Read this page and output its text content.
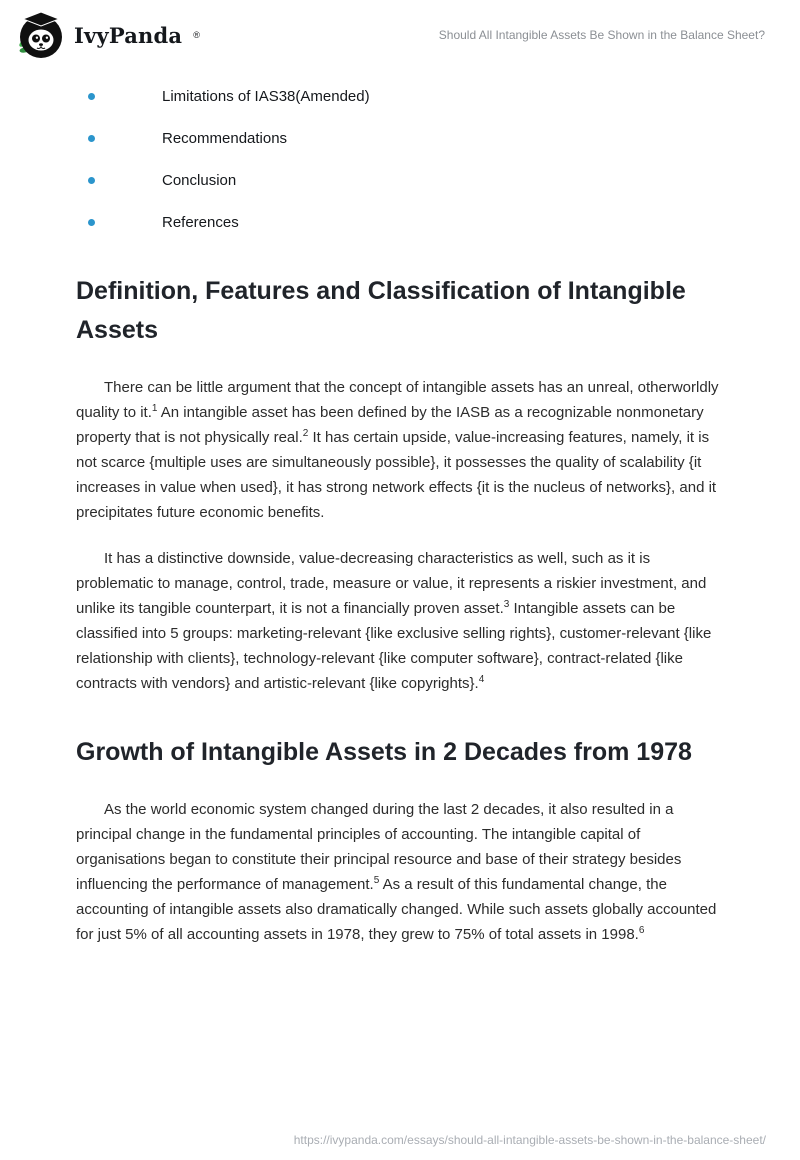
IvyPanda ®	Should All Intangible Assets Be Shown in the Balance Sheet?
Limitations of IAS38(Amended)
Recommendations
Conclusion
References
Definition, Features and Classification of Intangible Assets

There can be little argument that the concept of intangible assets has an unreal, otherworldly quality to it.$^1$ An intangible asset has been defined by the IASB as a recognizable nonmonetary property that is not physically real.$^2$ It has certain upside, value-increasing features, namely, it is not scarce {multiple uses are simultaneously possible}, it possesses the quality of scalability {it increases in value when used}, it has strong network effects {it is the nucleus of networks}, and it precipitates future economic benefits.

It has a distinctive downside, value-decreasing characteristics as well, such as it is problematic to manage, control, trade, measure or value, it represents a riskier investment, and unlike its tangible counterpart, it is not a financially proven asset.$^3$ Intangible assets can be classified into 5 groups: marketing-relevant {like exclusive selling rights}, customer-relevant {like relationship with clients}, technology-relevant {like computer software}, contract-related {like contracts with vendors} and artistic-relevant {like copyrights}.$^4$

Growth of Intangible Assets in 2 Decades from 1978

As the world economic system changed during the last 2 decades, it also resulted in a principal change in the fundamental principles of accounting. The intangible capital of organisations began to constitute their principal resource and base of their strategy besides influencing the performance of management.$^5$ As a result of this fundamental change, the accounting of intangible assets also dramatically changed. While such assets globally accounted for just 5% of all accounting assets in 1978, they grew to 75% of total assets in 1998.$^6$

https://ivypanda.com/essays/should-all-intangible-assets-be-shown-in-the-balance-sheet/
